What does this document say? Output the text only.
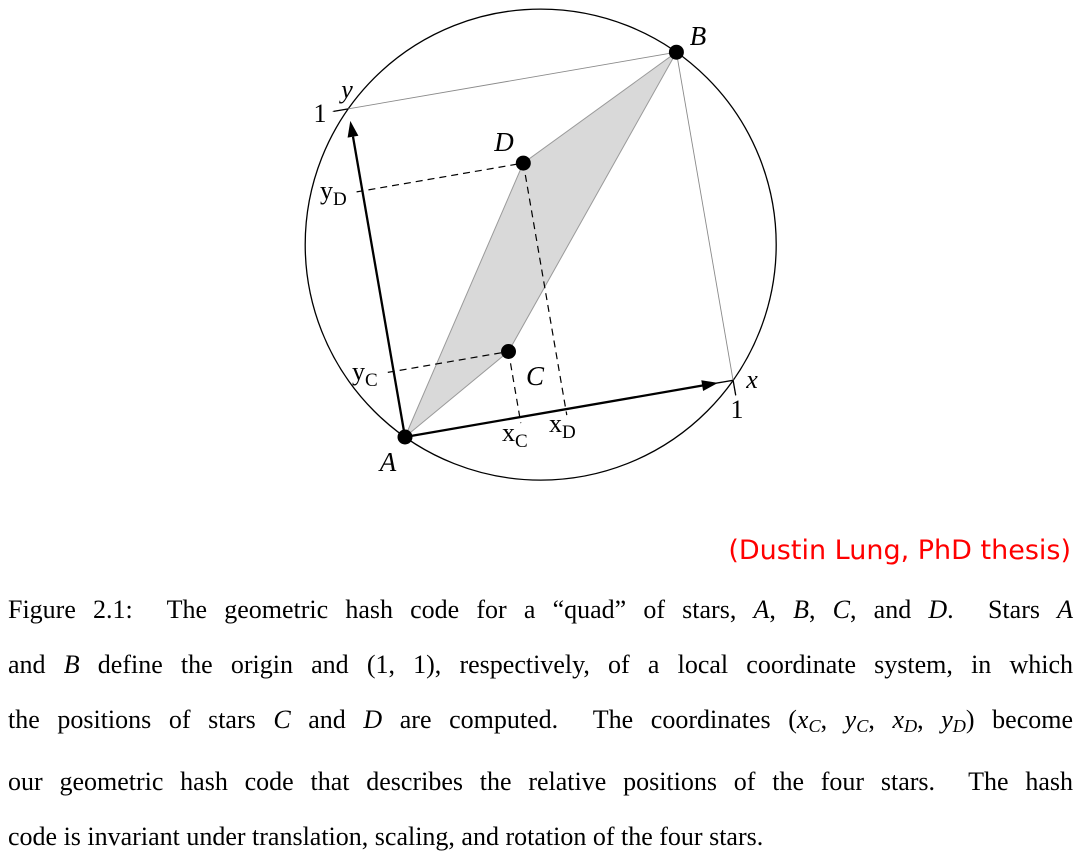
A
B
C
D
y
1
x
1
$y_D$
$y_C$
$x_C$
$x_D$
(Dustin Lung, PhD thesis)
Figure 2.1:  The geometric hash code for a “quad” of stars, A, B, C, and D.  Stars A
and B define the origin and (1, 1), respectively, of a local coordinate system, in which
the positions of stars C and D are computed.  The coordinates ($x_C$, $y_C$, $x_D$, $y_D$) become
our geometric hash code that describes the relative positions of the four stars.  The hash
code is invariant under translation, scaling, and rotation of the four stars.
